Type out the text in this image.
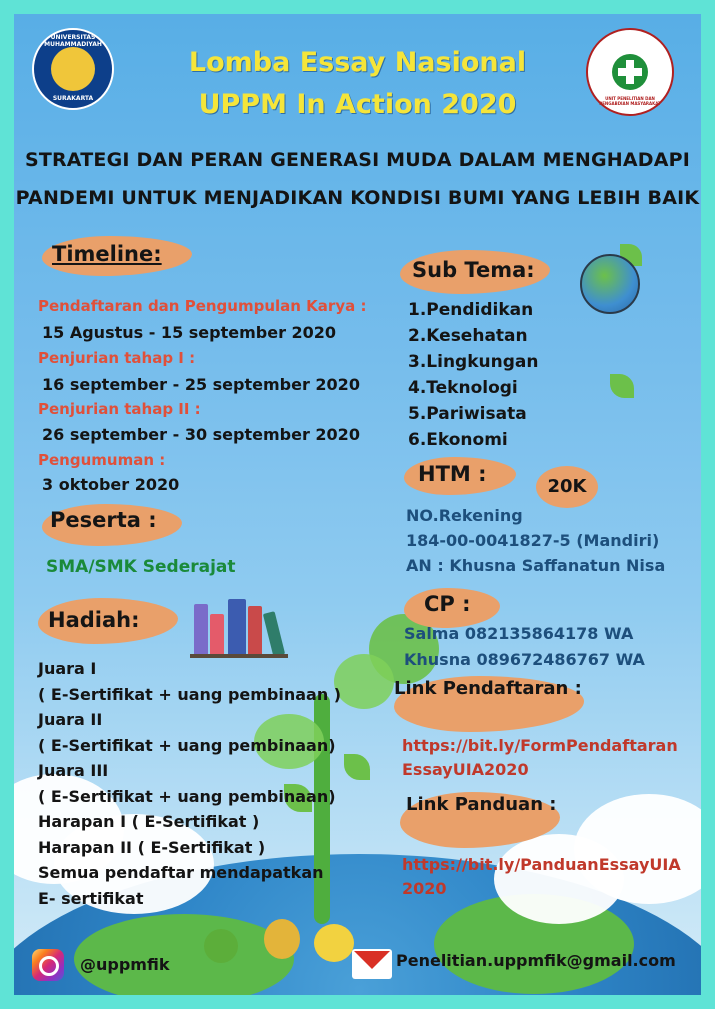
UNIVERSITAS MUHAMMADIYAH
SURAKARTA	UNIT PENELITIAN DAN PENGABDIAN MASYARAKAT
Lomba Essay Nasional
UPPM In Action 2020
STRATEGI DAN PERAN GENERASI MUDA DALAM MENGHADAPI
PANDEMI UNTUK MENJADIKAN KONDISI BUMI YANG LEBIH BAIK
Timeline:
Pendaftaran dan Pengumpulan Karya :
15 Agustus - 15 september 2020
Penjurian tahap I :
16 september - 25 september 2020
Penjurian tahap II :
26 september - 30 september 2020
Pengumuman :
3 oktober 2020
Peserta :
SMA/SMK Sederajat
Hadiah:
Juara I
( E-Sertifikat + uang pembinaan )
Juara II
( E-Sertifikat + uang pembinaan)
Juara III
( E-Sertifikat + uang pembinaan)
Harapan I ( E-Sertifikat )
Harapan II ( E-Sertifikat )
Semua pendaftar mendapatkan
E- sertifikat
Sub Tema:
1.Pendidikan
2.Kesehatan
3.Lingkungan
4.Teknologi
5.Pariwisata
6.Ekonomi
HTM :
20K
NO.Rekening
184-00-0041827-5 (Mandiri)
AN : Khusna Saffanatun Nisa
CP :
Salma 082135864178 WA
Khusna 089672486767 WA
Link Pendaftaran :
https://bit.ly/FormPendaftaran
EssayUIA2020
Link Panduan :
https://bit.ly/PanduanEssayUIA
2020
@uppmfik	Penelitian.uppmfik@gmail.com
